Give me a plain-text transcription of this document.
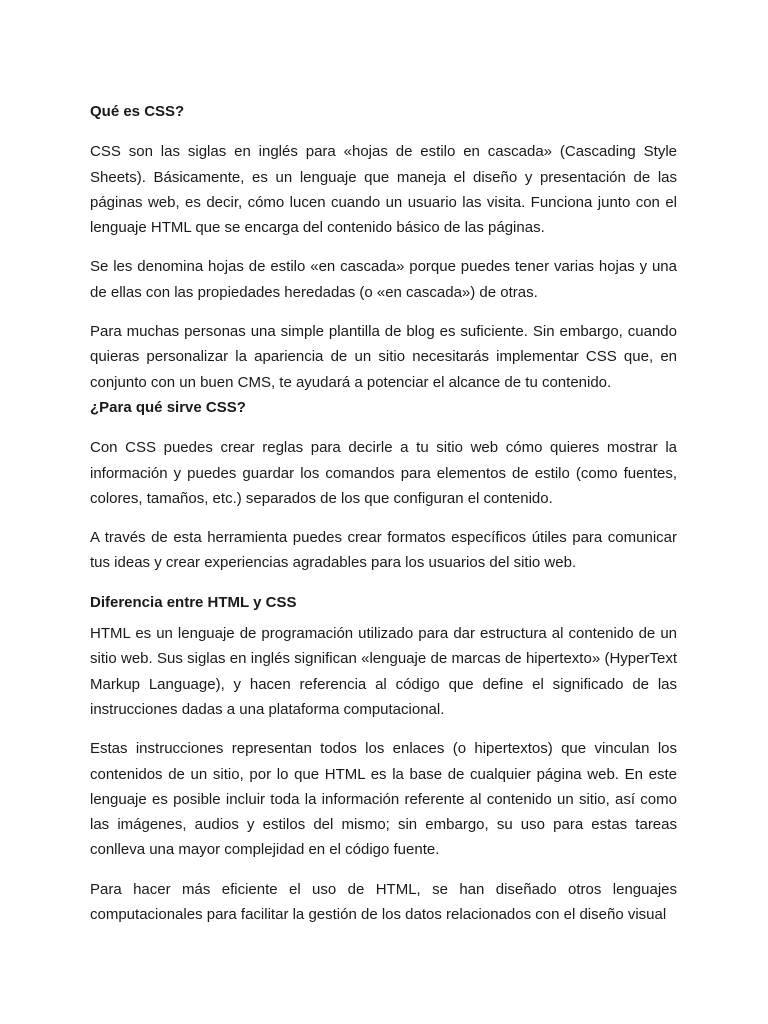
Qué es CSS?

CSS son las siglas en inglés para «hojas de estilo en cascada» (Cascading Style Sheets). Básicamente, es un lenguaje que maneja el diseño y presentación de las páginas web, es decir, cómo lucen cuando un usuario las visita. Funciona junto con el lenguaje HTML que se encarga del contenido básico de las páginas.

Se les denomina hojas de estilo «en cascada» porque puedes tener varias hojas y una de ellas con las propiedades heredadas (o «en cascada») de otras.

Para muchas personas una simple plantilla de blog es suficiente. Sin embargo, cuando quieras personalizar la apariencia de un sitio necesitarás implementar CSS que, en conjunto con un buen CMS, te ayudará a potenciar el alcance de tu contenido.

¿Para qué sirve CSS?

Con CSS puedes crear reglas para decirle a tu sitio web cómo quieres mostrar la información y puedes guardar los comandos para elementos de estilo (como fuentes, colores, tamaños, etc.) separados de los que configuran el contenido.

A través de esta herramienta puedes crear formatos específicos útiles para comunicar tus ideas y crear experiencias agradables para los usuarios del sitio web.

Diferencia entre HTML y CSS

HTML es un lenguaje de programación utilizado para dar estructura al contenido de un sitio web. Sus siglas en inglés significan «lenguaje de marcas de hipertexto» (HyperText Markup Language), y hacen referencia al código que define el significado de las instrucciones dadas a una plataforma computacional.

Estas instrucciones representan todos los enlaces (o hipertextos) que vinculan los contenidos de un sitio, por lo que HTML es la base de cualquier página web. En este lenguaje es posible incluir toda la información referente al contenido un sitio, así como las imágenes, audios y estilos del mismo; sin embargo, su uso para estas tareas conlleva una mayor complejidad en el código fuente.

Para hacer más eficiente el uso de HTML, se han diseñado otros lenguajes computacionales para facilitar la gestión de los datos relacionados con el diseño visual
